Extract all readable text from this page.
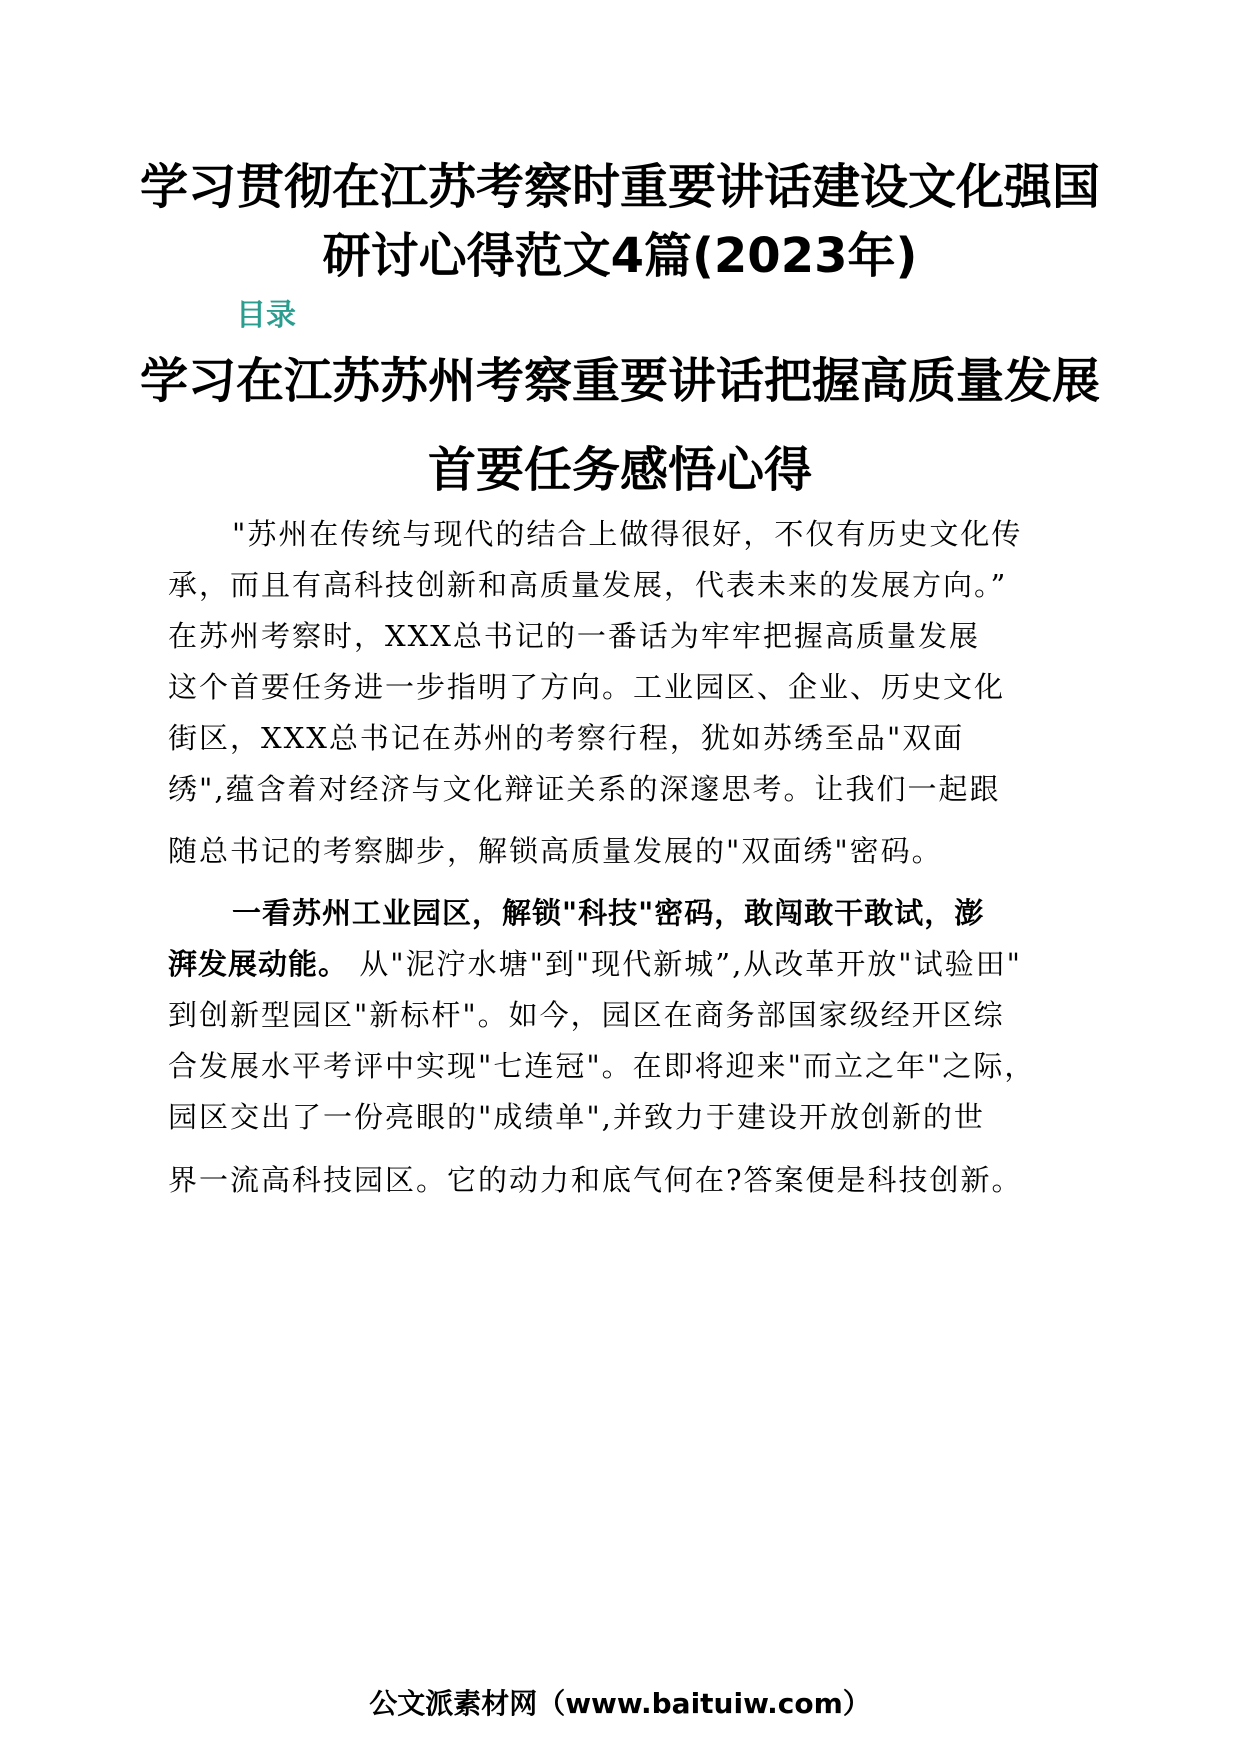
学习贯彻在江苏考察时重要讲话建设文化强国
研讨心得范文4篇(2023年)
目录
学习在江苏苏州考察重要讲话把握高质量发展
首要任务感悟心得
"苏州在传统与现代的结合上做得很好，不仅有历史文化传
承，而且有高科技创新和高质量发展，代表未来的发展方向。”
在苏州考察时，XXX总书记的一番话为牢牢把握高质量发展
这个首要任务进一步指明了方向。工业园区、企业、历史文化
街区，XXX总书记在苏州的考察行程，犹如苏绣至品"双面
绣",蕴含着对经济与文化辩证关系的深邃思考。让我们一起跟
随总书记的考察脚步，解锁高质量发展的"双面绣"密码。
一看苏州工业园区，解锁"科技"密码，敢闯敢干敢试，澎
湃发展动能。 从"泥泞水塘"到"现代新城”,从改革开放"试验田"
到创新型园区"新标杆"。如今，园区在商务部国家级经开区综
合发展水平考评中实现"七连冠"。在即将迎来"而立之年"之际，
园区交出了一份亮眼的"成绩单",并致力于建设开放创新的世
界一流高科技园区。它的动力和底气何在?答案便是科技创新。
公文派素材网（www.baituiw.com）
